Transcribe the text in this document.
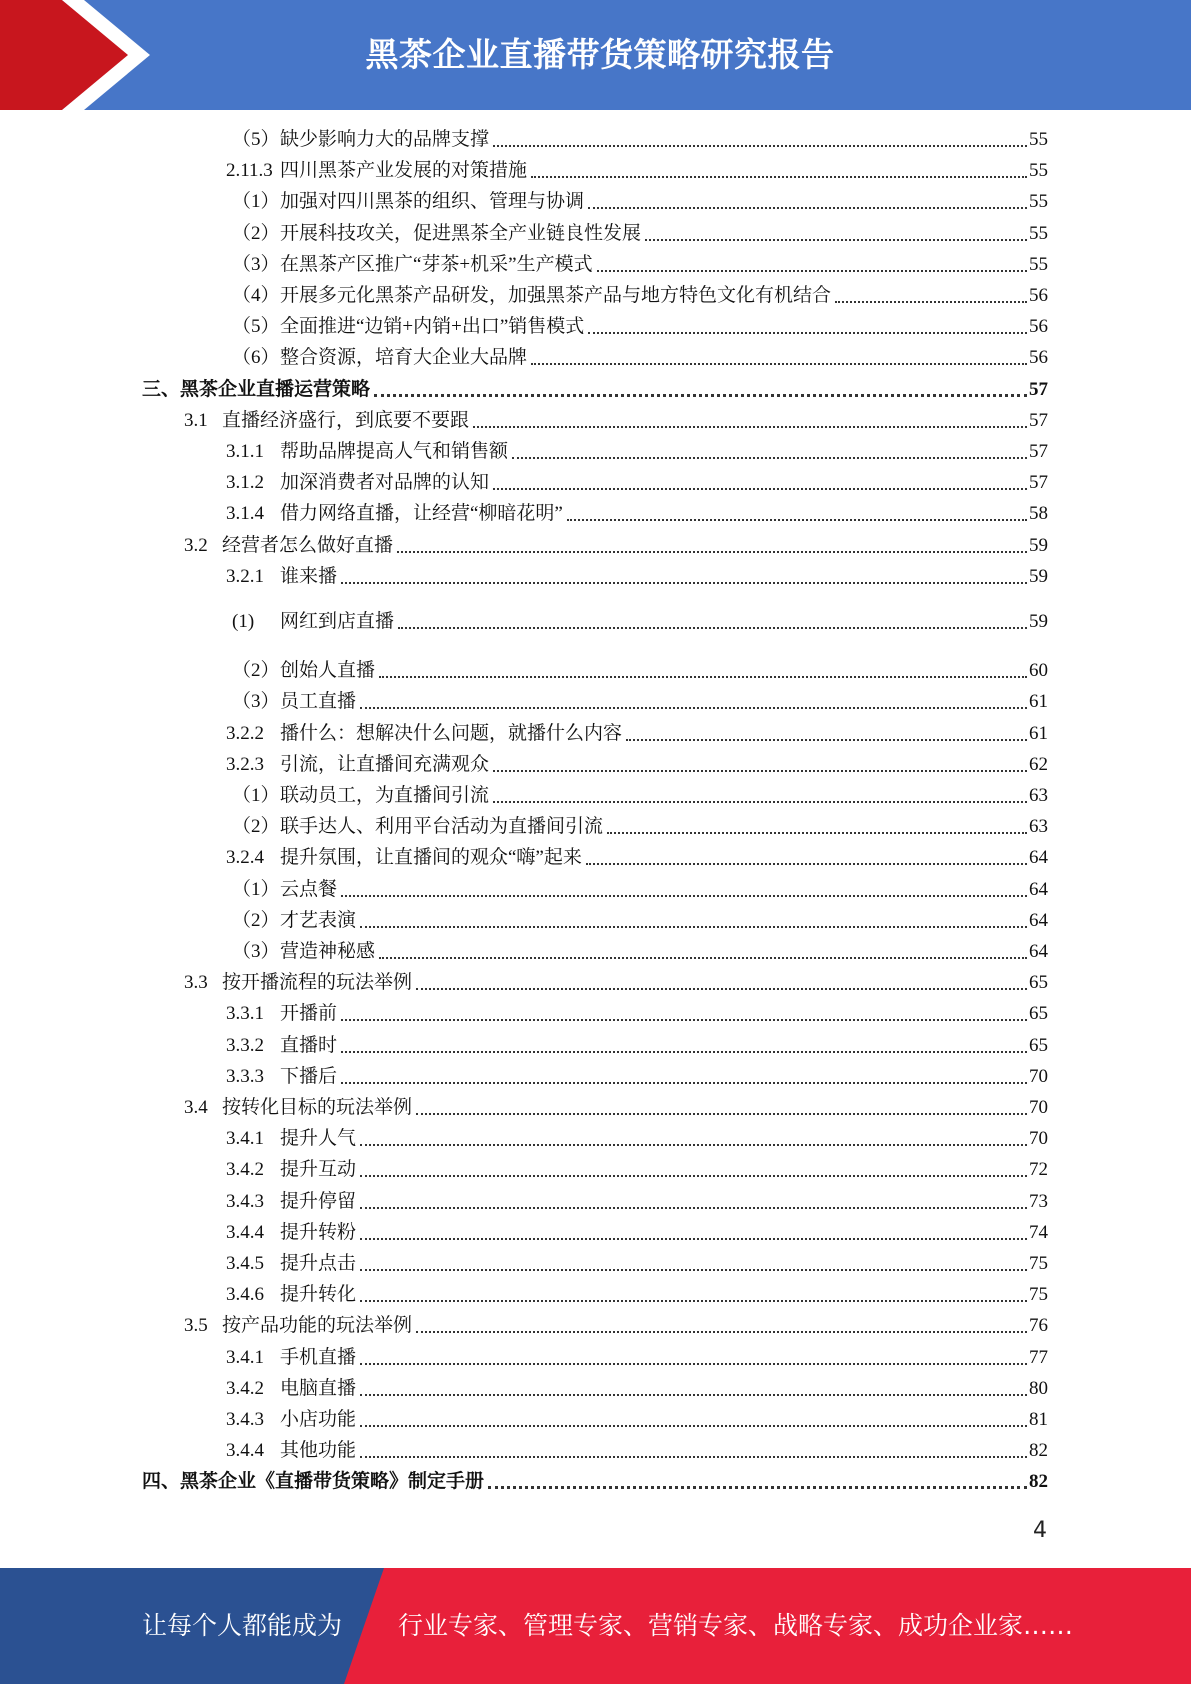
黑茶企业直播带货策略研究报告
（5） 缺少影响力大的品牌支撑	55
2.11.3 四川黑茶产业发展的对策措施	55
（1） 加强对四川黑茶的组织、管理与协调	55
（2） 开展科技攻关，促进黑茶全产业链良性发展	55
（3） 在黑茶产区推广“芽茶+机采”生产模式	55
（4） 开展多元化黑茶产品研发，加强黑茶产品与地方特色文化有机结合	56
（5） 全面推进“边销+内销+出口”销售模式	56
（6） 整合资源，培育大企业大品牌	56
三、黑茶企业直播运营策略	57
3.1 直播经济盛行，到底要不要跟	57
3.1.1 帮助品牌提高人气和销售额	57
3.1.2 加深消费者对品牌的认知	57
3.1.4 借力网络直播，让经营“柳暗花明”	58
3.2 经营者怎么做好直播	59
3.2.1 谁来播	59
(1)	网红到店直播	59
（2） 创始人直播	60
（3） 员工直播	61
3.2.2 播什么：想解决什么问题，就播什么内容	61
3.2.3 引流，让直播间充满观众	62
（1） 联动员工，为直播间引流	63
（2） 联手达人、利用平台活动为直播间引流	63
3.2.4 提升氛围，让直播间的观众“嗨”起来	64
（1） 云点餐	64
（2） 才艺表演	64
（3） 营造神秘感	64
3.3 按开播流程的玩法举例	65
3.3.1 开播前	65
3.3.2 直播时	65
3.3.3 下播后	70
3.4 按转化目标的玩法举例	70
3.4.1 提升人气	70
3.4.2 提升互动	72
3.4.3 提升停留	73
3.4.4 提升转粉	74
3.4.5 提升点击	75
3.4.6 提升转化	75
3.5 按产品功能的玩法举例	76
3.4.1 手机直播	77
3.4.2 电脑直播	80
3.4.3 小店功能	81
3.4.4 其他功能	82
四、黑茶企业《直播带货策略》制定手册	82
4
让每个人都能成为 行业专家、管理专家、营销专家、战略专家、成功企业家……
